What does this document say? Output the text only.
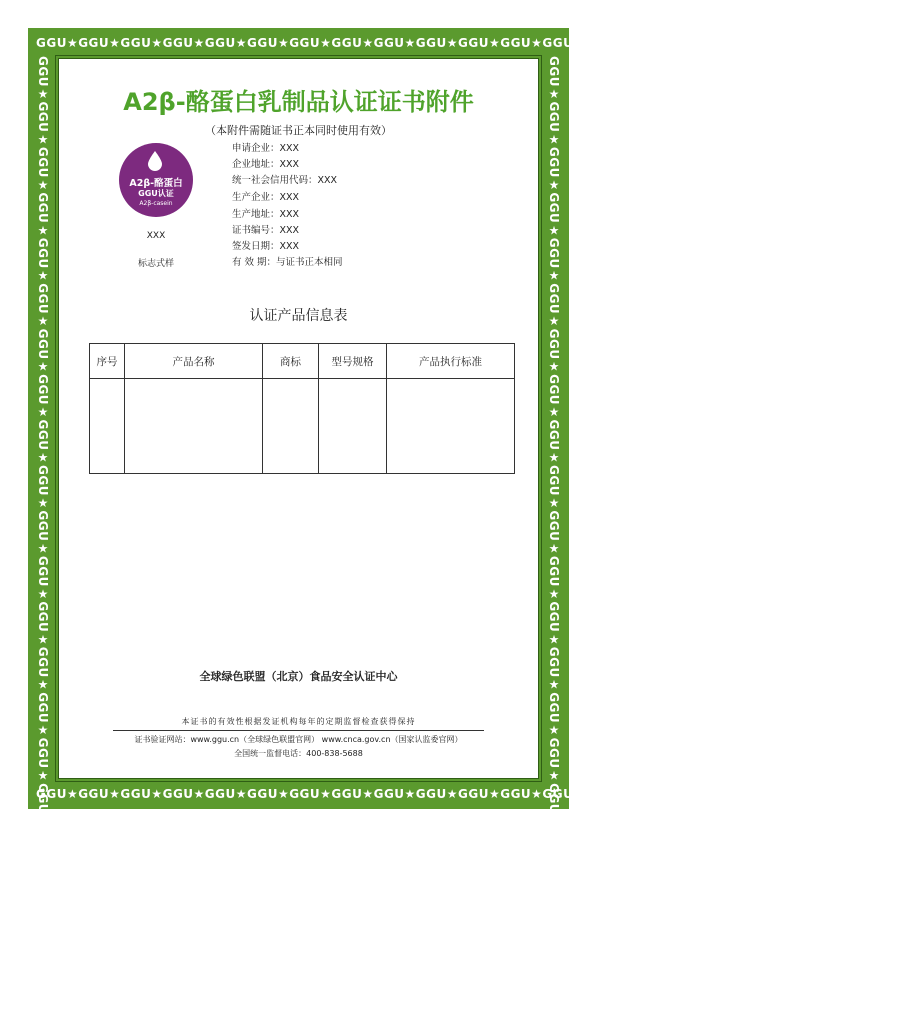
GGU★GGU★GGU★GGU★GGU★GGU★GGU★GGU★GGU★GGU★GGU★GGU★GGU★GGU★GGU★GGU★GGU★GGU★GGU★GGU★GGU★
GGU★GGU★GGU★GGU★GGU★GGU★GGU★GGU★GGU★GGU★GGU★GGU★GGU★GGU★GGU★GGU★GGU★GGU★GGU★GGU★GGU★
GGU★GGU★GGU★GGU★GGU★GGU★GGU★GGU★GGU★GGU★GGU★GGU★GGU★GGU★GGU★GGU★GGU★GGU★GGU★GGU★GGU★	GGU★GGU★GGU★GGU★GGU★GGU★GGU★GGU★GGU★GGU★GGU★GGU★GGU★GGU★GGU★GGU★GGU★GGU★GGU★GGU★GGU★
A2β-酪蛋白乳制品认证证书附件
（本附件需随证书正本同时使用有效）
A2β-酪蛋白
GGU认证
A2β-casein
XXX
标志式样
申请企业：XXX
企业地址：XXX
统一社会信用代码：XXX
生产企业：XXX
生产地址：XXX
证书编号：XXX
签发日期：XXX
有 效 期：与证书正本相同
认证产品信息表
序号	产品名称	商标	型号规格	产品执行标准

全球绿色联盟（北京）食品安全认证中心
本证书的有效性根据发证机构每年的定期监督检查获得保持
证书验证网站：www.ggu.cn（全球绿色联盟官网） www.cnca.gov.cn（国家认监委官网）
全国统一监督电话：400-838-5688
